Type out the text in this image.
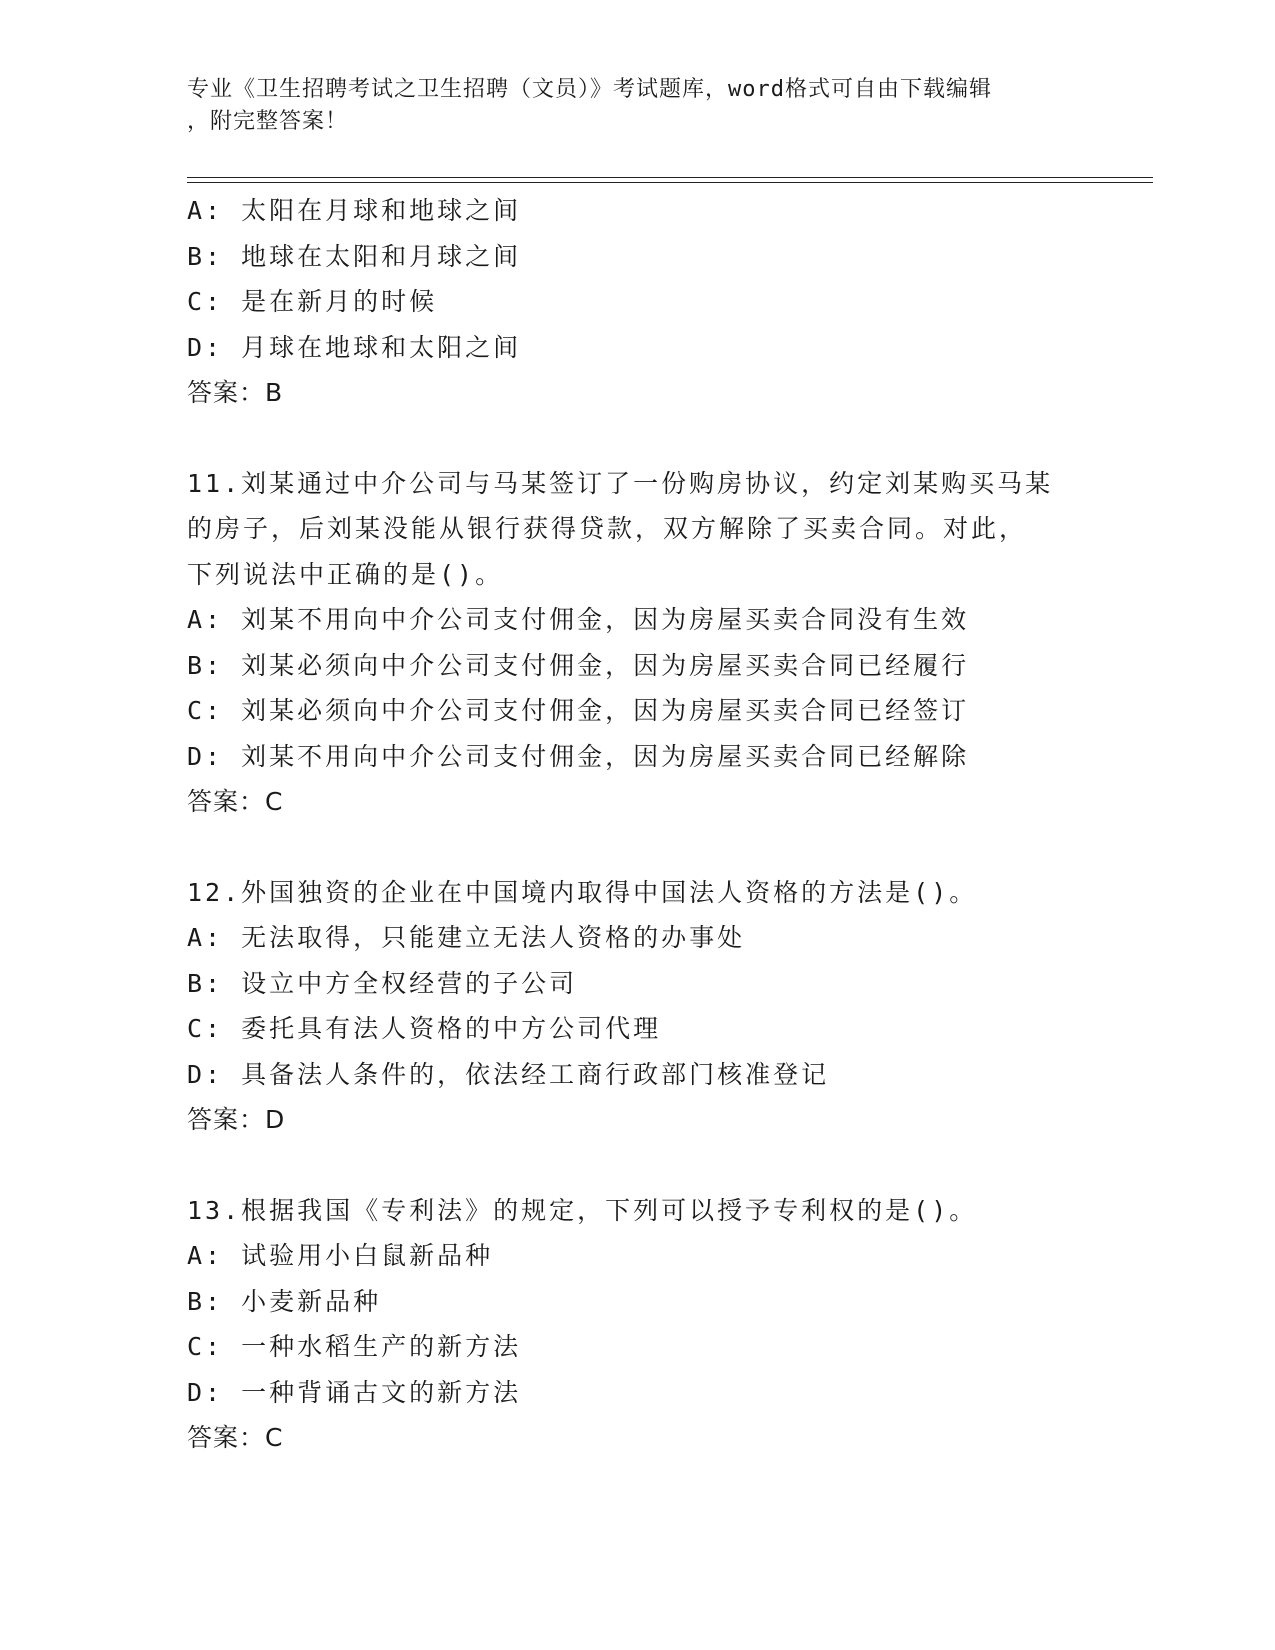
专业《卫生招聘考试之卫生招聘（文员）》考试题库，word格式可自由下载编辑
，附完整答案！
A: 太阳在月球和地球之间
B: 地球在太阳和月球之间
C: 是在新月的时候
D: 月球在地球和太阳之间
答案：B
11.刘某通过中介公司与马某签订了一份购房协议，约定刘某购买马某
的房子，后刘某没能从银行获得贷款，双方解除了买卖合同。对此，
下列说法中正确的是()。
A: 刘某不用向中介公司支付佣金，因为房屋买卖合同没有生效
B: 刘某必须向中介公司支付佣金，因为房屋买卖合同已经履行
C: 刘某必须向中介公司支付佣金，因为房屋买卖合同已经签订
D: 刘某不用向中介公司支付佣金，因为房屋买卖合同已经解除
答案：C
12.外国独资的企业在中国境内取得中国法人资格的方法是()。
A: 无法取得，只能建立无法人资格的办事处
B: 设立中方全权经营的子公司
C: 委托具有法人资格的中方公司代理
D: 具备法人条件的，依法经工商行政部门核准登记
答案：D
13.根据我国《专利法》的规定，下列可以授予专利权的是()。
A: 试验用小白鼠新品种
B: 小麦新品种
C: 一种水稻生产的新方法
D: 一种背诵古文的新方法
答案：C
